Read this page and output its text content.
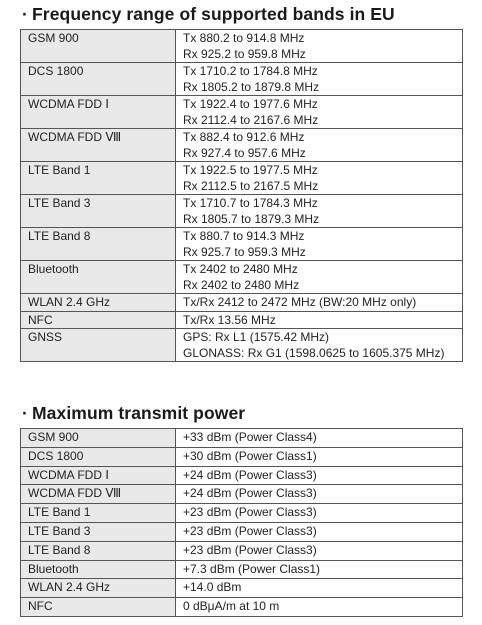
· Frequency range of supported bands in EU
GSM 900	Tx 880.2 to 914.8 MHz
Rx 925.2 to 959.8 MHz

DCS 1800	Tx 1710.2 to 1784.8 MHz
Rx 1805.2 to 1879.8 MHz

WCDMA FDD Ⅰ	Tx 1922.4 to 1977.6 MHz
Rx 2112.4 to 2167.6 MHz

WCDMA FDD Ⅷ	Tx 882.4 to 912.6 MHz
Rx 927.4 to 957.6 MHz

LTE Band 1	Tx 1922.5 to 1977.5 MHz
Rx 2112.5 to 2167.5 MHz

LTE Band 3	Tx 1710.7 to 1784.3 MHz
Rx 1805.7 to 1879.3 MHz

LTE Band 8	Tx 880.7 to 914.3 MHz
Rx 925.7 to 959.3 MHz

Bluetooth	Tx 2402 to 2480 MHz
Rx 2402 to 2480 MHz

WLAN 2.4 GHz	Tx/Rx 2412 to 2472 MHz (BW:20 MHz only)

NFC	Tx/Rx 13.56 MHz

GNSS	GPS: Rx L1 (1575.42 MHz)
GLONASS: Rx G1 (1598.0625 to 1605.375 MHz)
· Maximum transmit power
GSM 900	+33 dBm (Power Class4)

DCS 1800	+30 dBm (Power Class1)

WCDMA FDD Ⅰ	+24 dBm (Power Class3)

WCDMA FDD Ⅷ	+24 dBm (Power Class3)

LTE Band 1	+23 dBm (Power Class3)

LTE Band 3	+23 dBm (Power Class3)

LTE Band 8	+23 dBm (Power Class3)

Bluetooth	+7.3 dBm (Power Class1)

WLAN 2.4 GHz	+14.0 dBm

NFC	0 dBμA/m at 10 m
